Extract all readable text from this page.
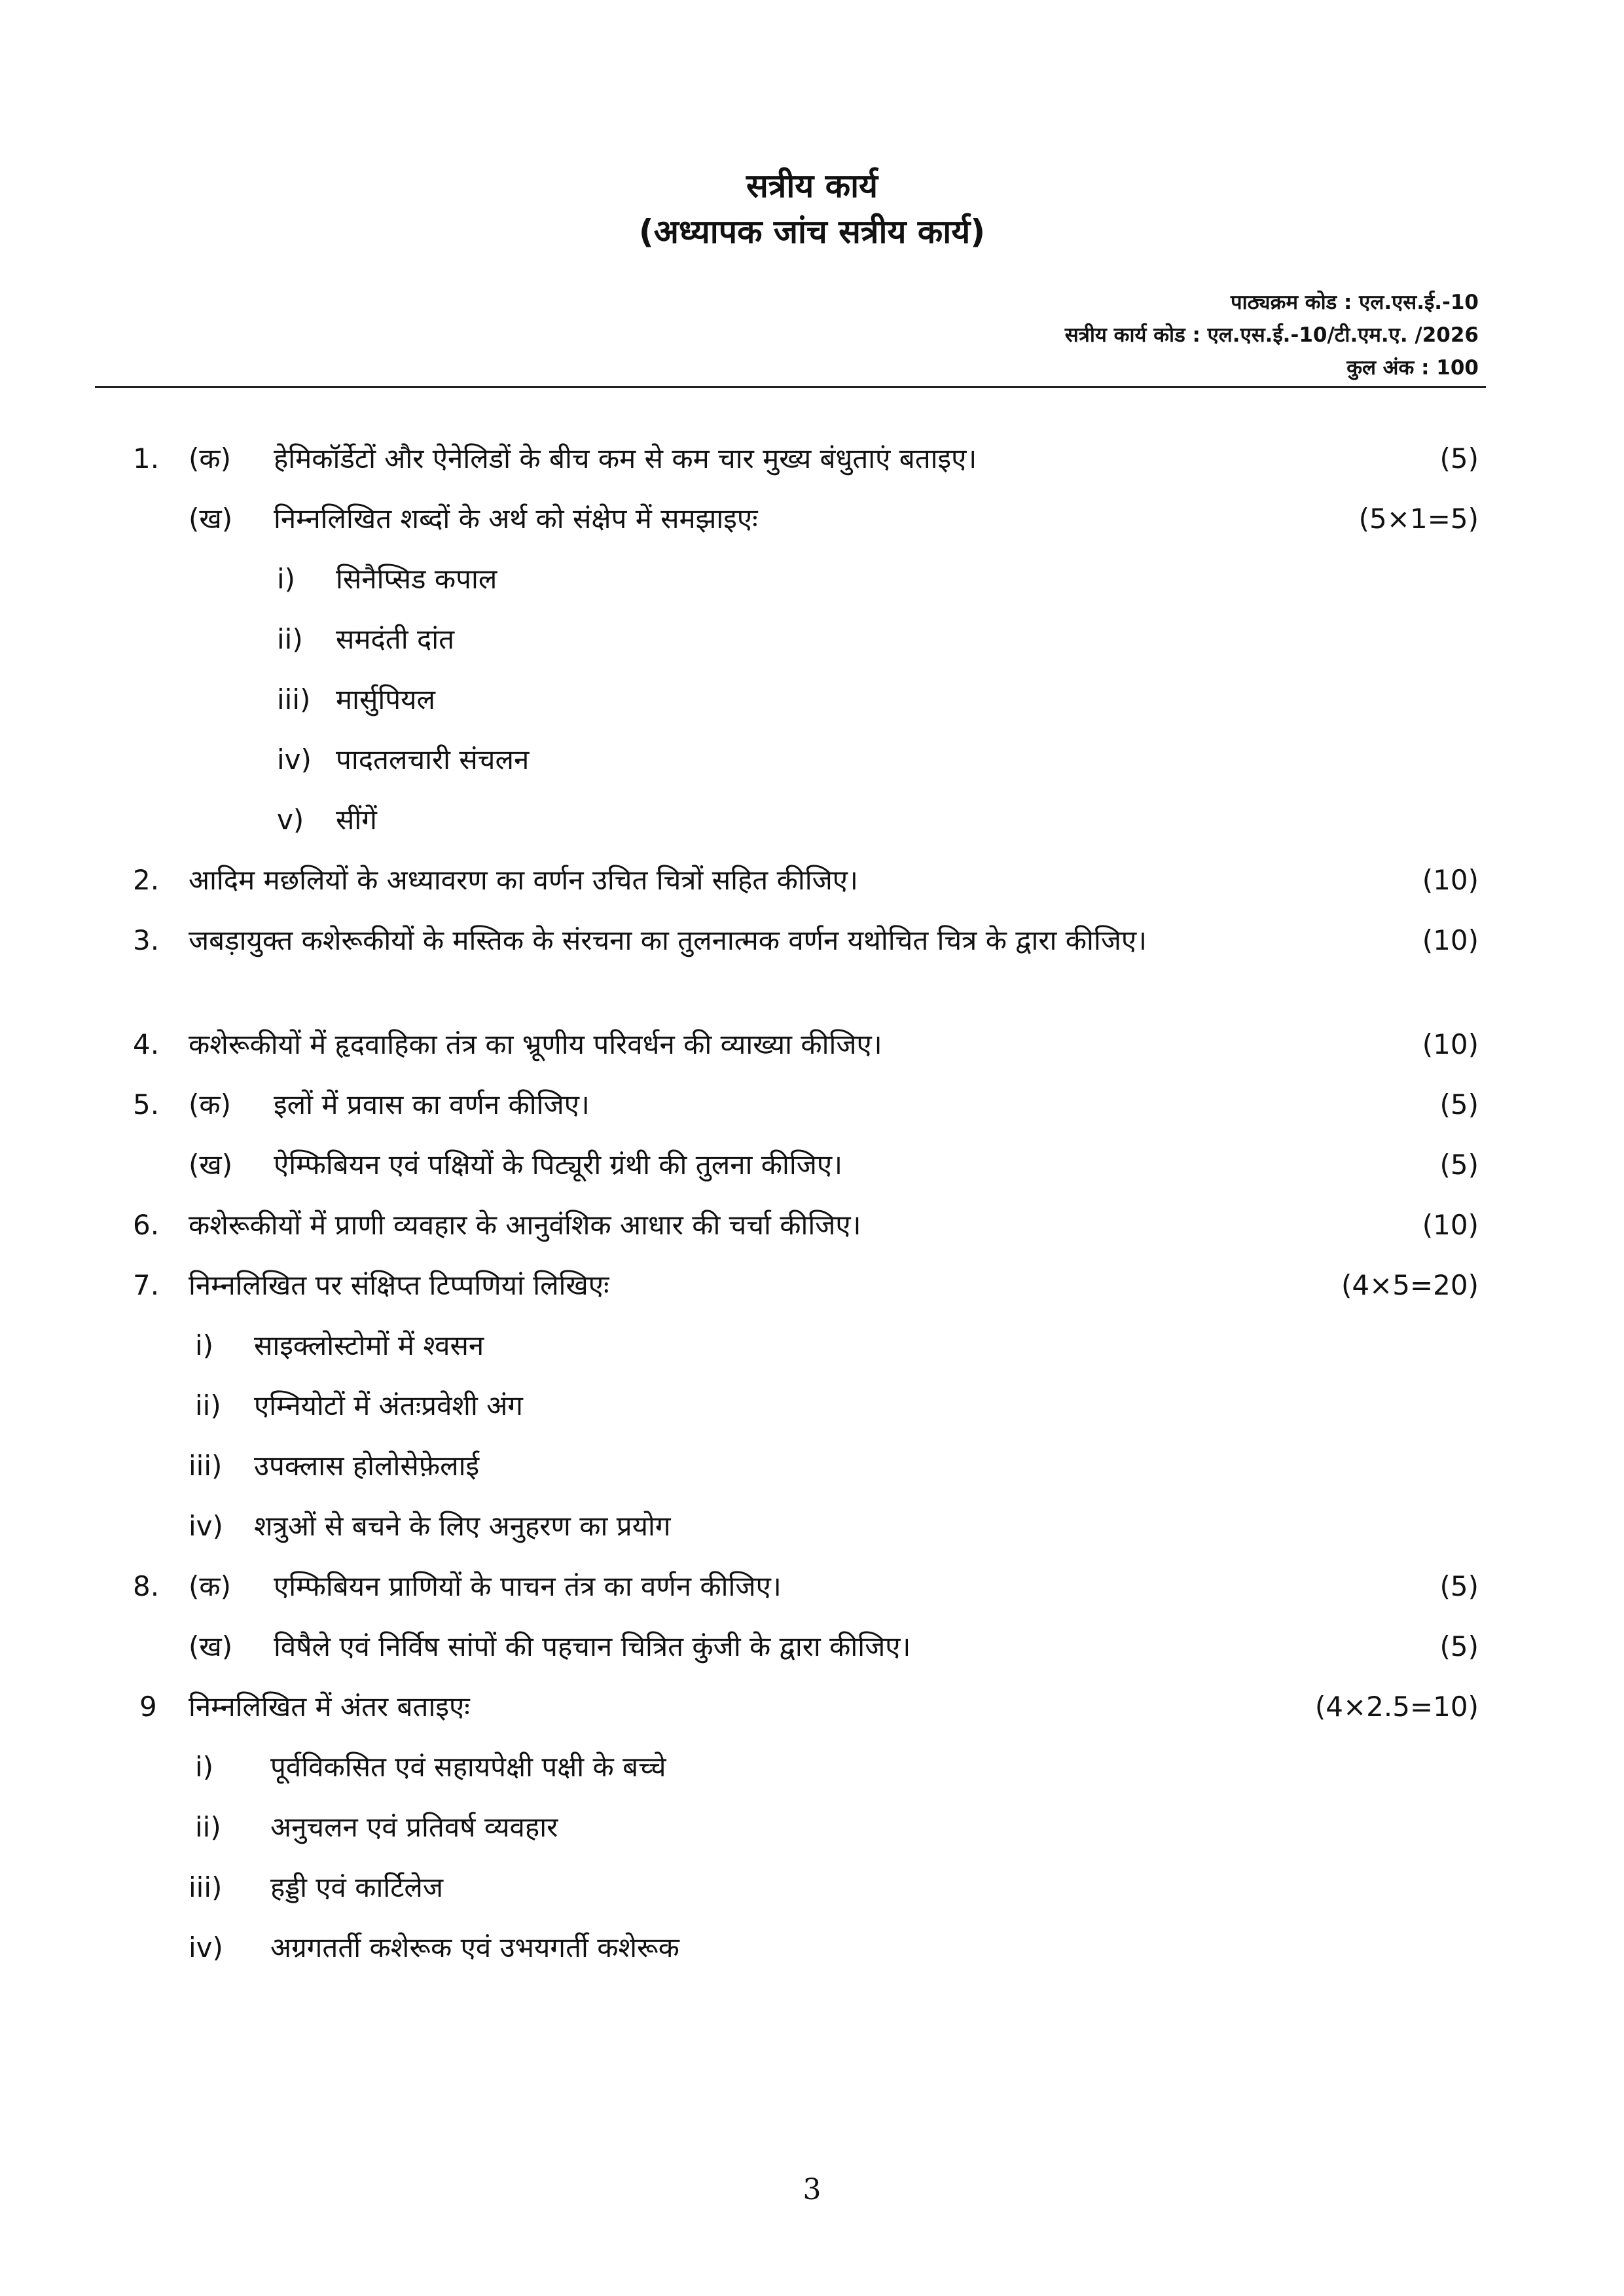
सत्रीय कार्य
(अध्यापक जांच सत्रीय कार्य)
पाठ्यक्रम कोड : एल.एस.ई.-10
सत्रीय कार्य कोड : एल.एस.ई.-10/टी.एम.ए. /2026
कुल अंक : 100
1. (क) हेमिकॉर्डेटों और ऐनेलिडों के बीच कम से कम चार मुख्य बंधुताएं बताइए।	(5)
(ख) निम्नलिखित शब्दों के अर्थ को संक्षेप में समझाइएः	(5×1=5)
i) सिनैप्सिड कपाल
ii) समदंती दांत
iii) मार्सुपियल
iv) पादतलचारी संचलन
v) सींगें
2. आदिम मछलियों के अध्यावरण का वर्णन उचित चित्रों सहित कीजिए।	(10)
3. जबड़ायुक्त कशेरूकीयों के मस्तिक के संरचना का तुलनात्मक वर्णन यथोचित चित्र के द्वारा कीजिए।	(10)
4. कशेरूकीयों में हृदवाहिका तंत्र का भ्रूणीय परिवर्धन की व्याख्या कीजिए।	(10)
5. (क) इलों में प्रवास का वर्णन कीजिए।	(5)
(ख) ऐम्फिबियन एवं पक्षियों के पिट्यूरी ग्रंथी की तुलना कीजिए।	(5)
6. कशेरूकीयों में प्राणी व्यवहार के आनुवंशिक आधार की चर्चा कीजिए।	(10)
7. निम्नलिखित पर संक्षिप्त टिप्पणियां लिखिएः	(4×5=20)
i) साइक्लोस्टोमों में श्वसन
ii) एम्नियोटों में अंतःप्रवेशी अंग
iii) उपक्लास होलोसेफ़ेलाई
iv) शत्रुओं से बचने के लिए अनुहरण का प्रयोग
8. (क) एम्फिबियन प्राणियों के पाचन तंत्र का वर्णन कीजिए।	(5)
(ख) विषैले एवं निर्विष सांपों की पहचान चित्रित कुंजी के द्वारा कीजिए।	(5)
9 निम्नलिखित में अंतर बताइएः	(4×2.5=10)
i) पूर्वविकसित एवं सहायपेक्षी पक्षी के बच्चे
ii) अनुचलन एवं प्रतिवर्ष व्यवहार
iii) हड्डी एवं कार्टिलेज
iv) अग्रगतर्ती कशेरूक एवं उभयगर्ती कशेरूक
3
